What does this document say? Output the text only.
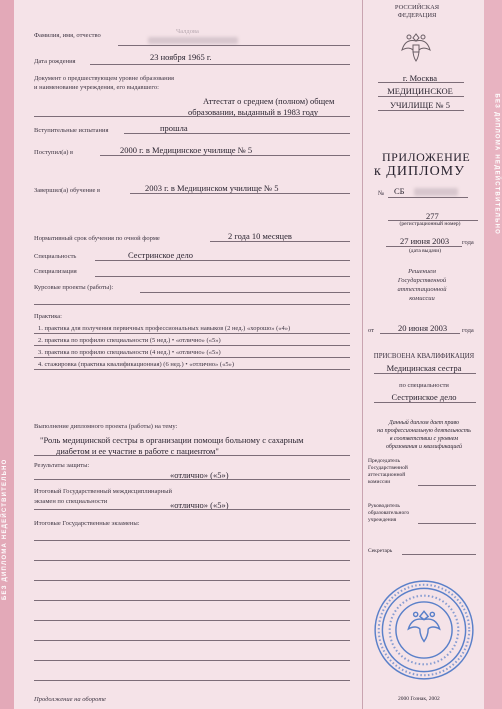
БЕЗ ДИПЛОМА НЕДЕЙСТВИТЕЛЬНО
БЕЗ ДИПЛОМА НЕДЕЙСТВИТЕЛЬНО
Фамилия, имя, отчество
Чалдова
Дата рождения	23 ноября 1965 г.
Документ о предшествующем уровне образования
и наименование учреждения, его выдавшего:
Аттестат о среднем (полном) общем
образовании, выданный в 1983 году
Вступительные испытания	прошла
Поступил(а) в	2000 г. в Медицинское училище № 5
Завершил(а) обучение в	2003 г. в Медицинском училище № 5
Нормативный срок обучения по очной форме	2 года 10 месяцев
Специальность	Сестринское дело
Специализация
Курсовые проекты (работы):
Практика:
1. практика для получения первичных профессиональных навыков (2 нед.) «хорошо» («4»)
2. практика по профилю специальности (5 нед.) • «отлично» («5»)
3. практика по профилю специальности (4 нед.) • «отлично» («5»)
4. стажировка (практика квалификационная) (6 нед.) • «отлично» («5»)
Выполнение дипломного проекта (работы) на тему:
"Роль медицинской сестры в организации помощи больному с сахарным
диабетом и ее участие в работе с пациентом"
Результаты защиты:
«отлично» («5»)
Итоговый Государственный междисциплинарный
экзамен по специальности	«отлично» («5»)
Итоговые Государственные экзамены:
Продолжение на обороте
РОССИЙСКАЯ
ФЕДЕРАЦИЯ
г. Москва
МЕДИЦИНСКОЕ
УЧИЛИЩЕ № 5
ПРИЛОЖЕНИЕ
к ДИПЛОМУ
№ СБ
277
(регистрационный номер)
27 июня 2003 года
(дата выдачи)
Решением
Государственной
аттестационной
комиссии
от	20 июня 2003 года
ПРИСВОЕНА КВАЛИФИКАЦИЯ
Медицинская сестра
по специальности
Сестринское дело
Данный диплом дает право
на профессиональную деятельность
в соответствии с уровнем
образования и квалификацией
Председатель
Государственной
аттестационной
комиссии
Руководитель
образовательного
учреждения
Секретарь
2000 Гознак, 2002
